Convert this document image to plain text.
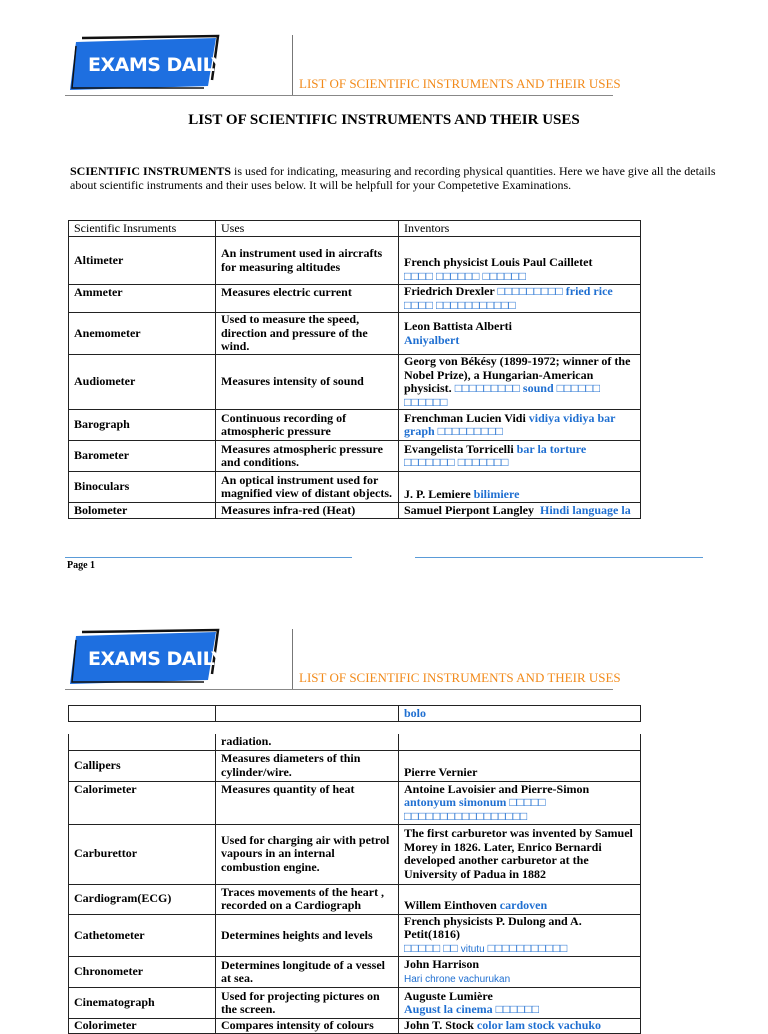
EXAMS DAILY
LIST OF SCIENTIFIC INSTRUMENTS AND THEIR USES
LIST OF SCIENTIFIC INSTRUMENTS AND THEIR USES

SCIENTIFIC INSTRUMENTS is used for indicating, measuring and recording physical quantities. Here we have give all the details about scientific instruments and their uses below. It will be helpfull for your Competetive Examinations.

Scientific Insruments	Uses	Inventors
Altimeter	An instrument used in aircrafts for measuring altitudes	French physicist Louis Paul Cailletet
□□□□ □□□□□□ □□□□□□
Ammeter	Measures electric current	Friedrich Drexler □□□□□□□□□ fried rice □□□□ □□□□□□□□□□□
Anemometer	Used to measure the speed, direction and pressure of the wind.	Leon Battista Alberti
Aniyalbert
Audiometer	Measures intensity of sound	Georg von Békésy (1899-1972; winner of the Nobel Prize), a Hungarian-American physicist. □□□□□□□□□ sound □□□□□□ □□□□□□
Barograph	Continuous recording of atmospheric pressure	Frenchman Lucien Vidi vidiya vidiya bar graph □□□□□□□□□
Barometer	Measures atmospheric pressure and conditions.	Evangelista Torricelli bar la torture □□□□□□□ □□□□□□□
Binoculars	An optical instrument used for magnified view of distant objects.	J. P. Lemiere bilimiere
Bolometer	Measures infra-red (Heat)	Samuel Pierpont Langley Hindi language la
Page 1
EXAMS DAILY
LIST OF SCIENTIFIC INSTRUMENTS AND THEIR USES
		bolo
	radiation.	
Callipers	Measures diameters of thin cylinder/wire.	Pierre Vernier
Calorimeter	Measures quantity of heat	Antoine Lavoisier and Pierre-Simon
antonyum simonum □□□□□ □□□□□□□□□□□□□□□□□
Carburettor	Used for charging air with petrol vapours in an internal combustion engine.	The first carburetor was invented by Samuel Morey in 1826. Later, Enrico Bernardi developed another carburetor at the University of Padua in 1882
Cardiogram(ECG)	Traces movements of the heart , recorded on a Cardiograph	Willem Einthoven cardoven
Cathetometer	Determines heights and levels	French physicists P. Dulong and A. Petit(1816)
□□□□□ □□ vitutu □□□□□□□□□□□
Chronometer	Determines longitude of a vessel at sea.	John Harrison
Hari chrone vachurukan
Cinematograph	Used for projecting pictures on the screen.	Auguste Lumière
August la cinema □□□□□□
Colorimeter	Compares intensity of colours	John T. Stock color lam stock vachuko
